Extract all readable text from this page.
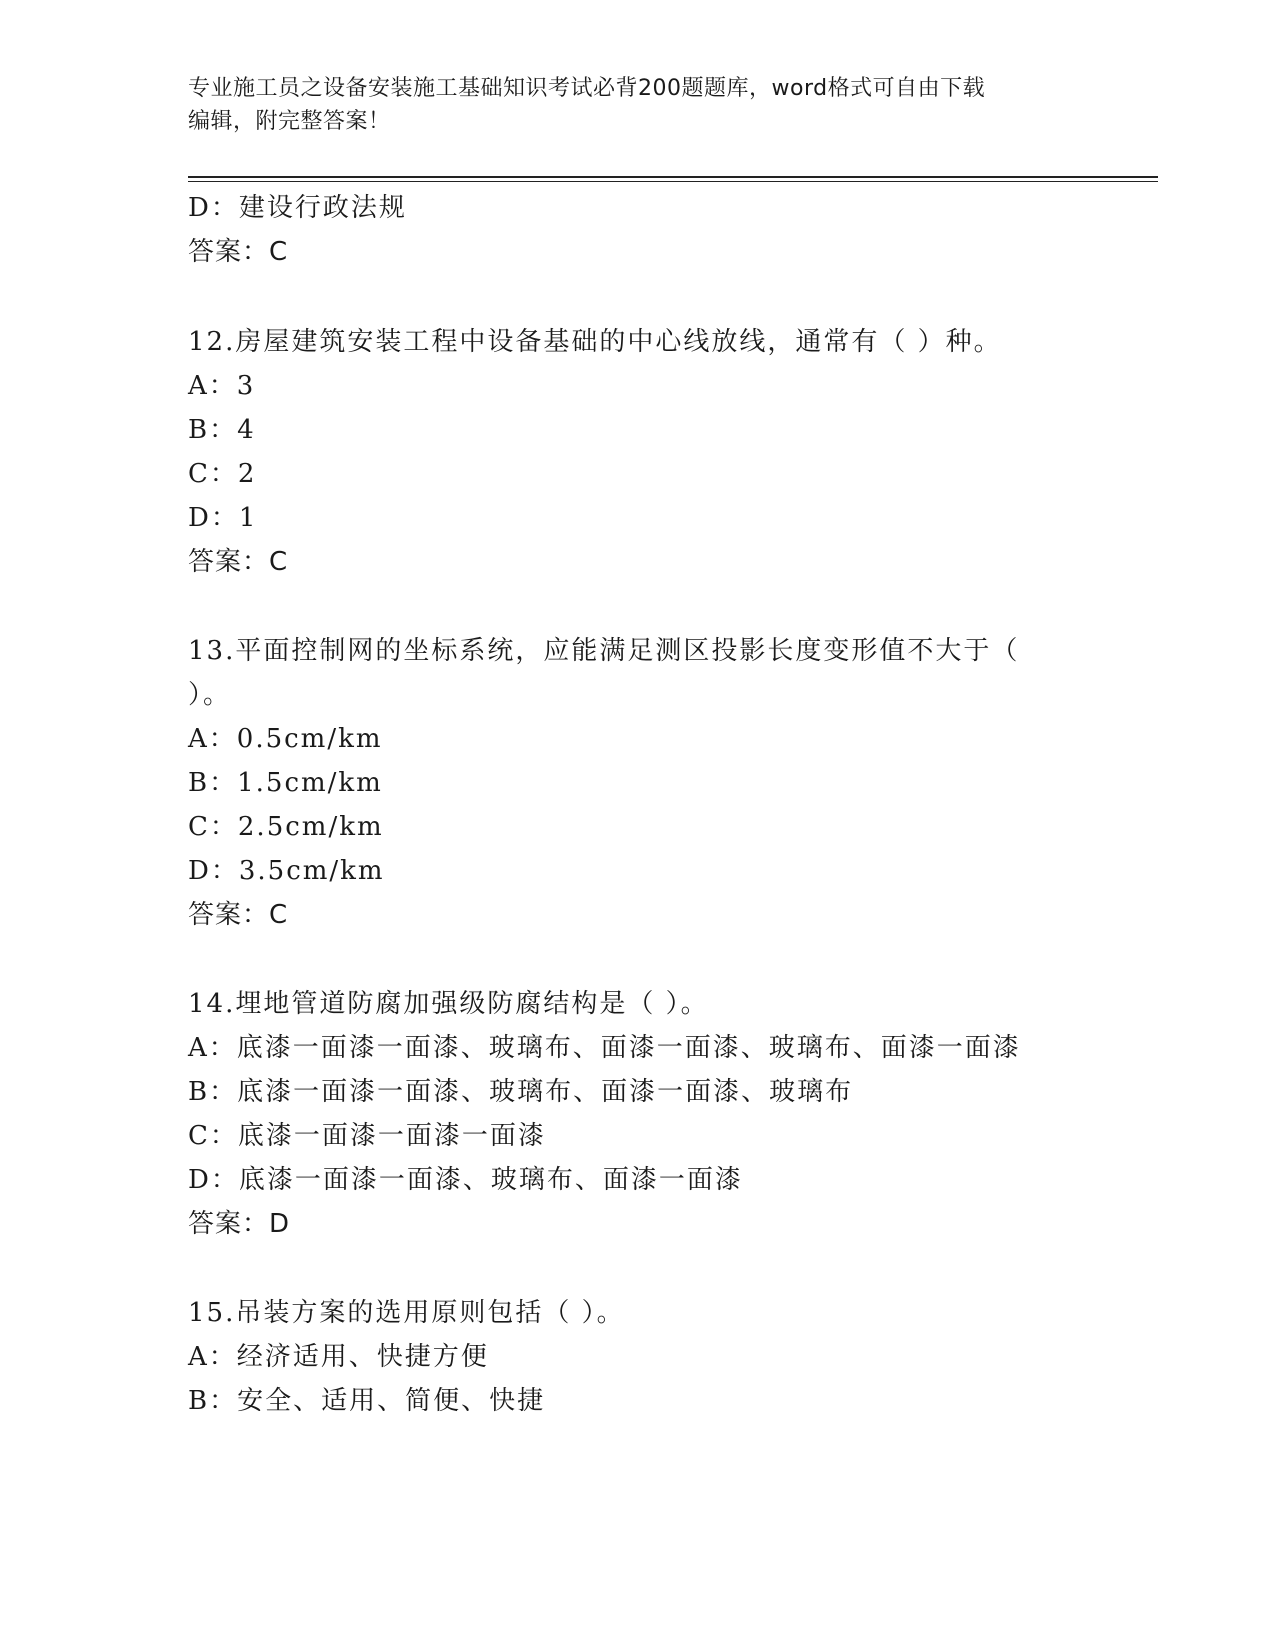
专业施工员之设备安装施工基础知识考试必背200题题库，word格式可自由下载
编辑，附完整答案！
D：建设行政法规
答案：C
12.房屋建筑安装工程中设备基础的中心线放线，通常有（ ）种。
A：3
B：4
C：2
D：1
答案：C
13.平面控制网的坐标系统，应能满足测区投影长度变形值不大于（
）。
A：0.5cm/km
B：1.5cm/km
C：2.5cm/km
D：3.5cm/km
答案：C
14.埋地管道防腐加强级防腐结构是（ ）。
A：底漆一面漆一面漆、玻璃布、面漆一面漆、玻璃布、面漆一面漆
B：底漆一面漆一面漆、玻璃布、面漆一面漆、玻璃布
C：底漆一面漆一面漆一面漆
D：底漆一面漆一面漆、玻璃布、面漆一面漆
答案：D
15.吊装方案的选用原则包括（ ）。
A：经济适用、快捷方便
B：安全、适用、简便、快捷
